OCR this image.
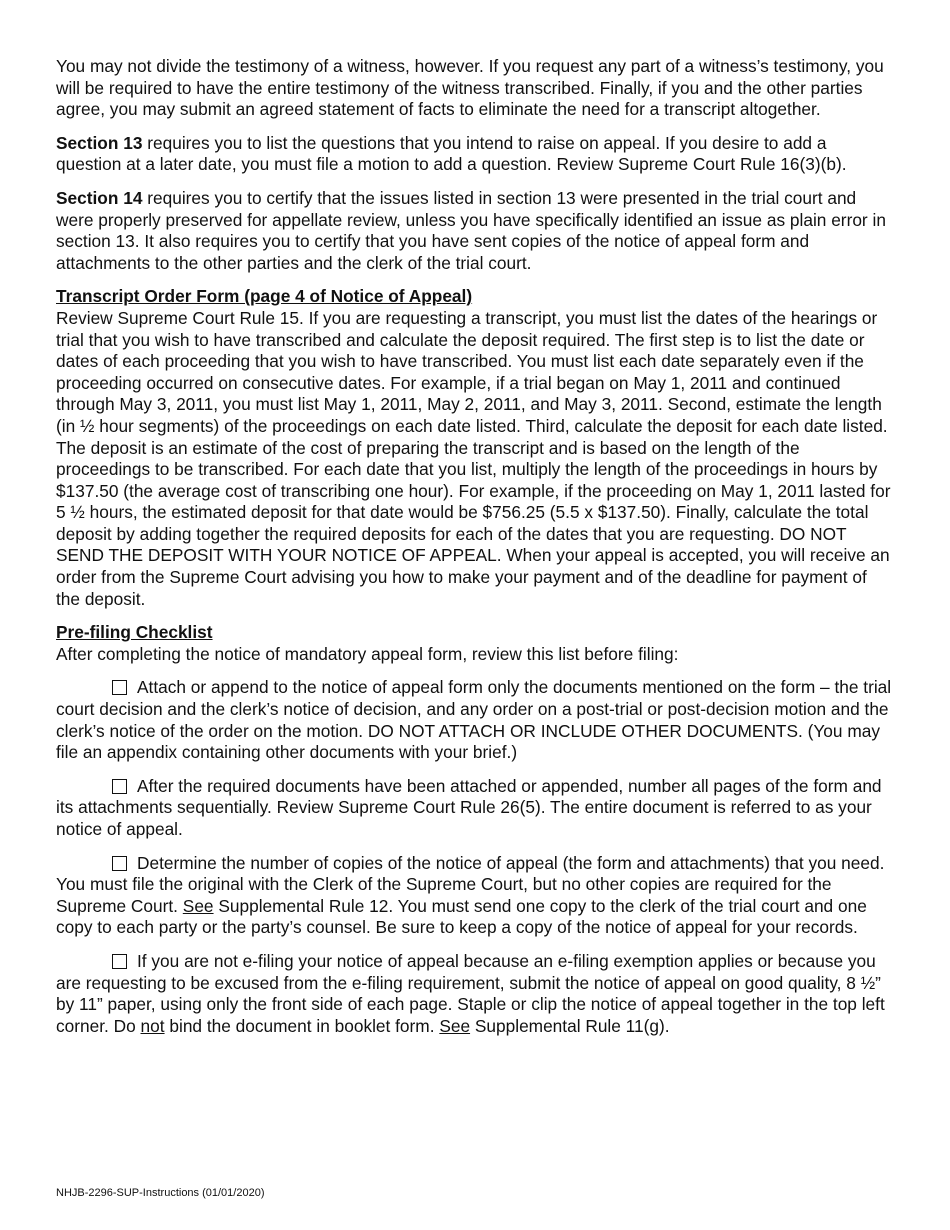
You may not divide the testimony of a witness, however. If you request any part of a witness’s testimony, you will be required to have the entire testimony of the witness transcribed. Finally, if you and the other parties agree, you may submit an agreed statement of facts to eliminate the need for a transcript altogether.

Section 13 requires you to list the questions that you intend to raise on appeal. If you desire to add a question at a later date, you must file a motion to add a question. Review Supreme Court Rule 16(3)(b).

Section 14 requires you to certify that the issues listed in section 13 were presented in the trial court and were properly preserved for appellate review, unless you have specifically identified an issue as plain error in section 13. It also requires you to certify that you have sent copies of the notice of appeal form and attachments to the other parties and the clerk of the trial court.

Transcript Order Form (page 4 of Notice of Appeal)

Review Supreme Court Rule 15. If you are requesting a transcript, you must list the dates of the hearings or trial that you wish to have transcribed and calculate the deposit required. The first step is to list the date or dates of each proceeding that you wish to have transcribed. You must list each date separately even if the proceeding occurred on consecutive dates. For example, if a trial began on May 1, 2011 and continued through May 3, 2011, you must list May 1, 2011, May 2, 2011, and May 3, 2011. Second, estimate the length (in ½ hour segments) of the proceedings on each date listed. Third, calculate the deposit for each date listed. The deposit is an estimate of the cost of preparing the transcript and is based on the length of the proceedings to be transcribed. For each date that you list, multiply the length of the proceedings in hours by $137.50 (the average cost of transcribing one hour). For example, if the proceeding on May 1, 2011 lasted for 5 ½ hours, the estimated deposit for that date would be $756.25 (5.5 x $137.50). Finally, calculate the total deposit by adding together the required deposits for each of the dates that you are requesting. DO NOT SEND THE DEPOSIT WITH YOUR NOTICE OF APPEAL. When your appeal is accepted, you will receive an order from the Supreme Court advising you how to make your payment and of the deadline for payment of the deposit.

Pre-filing Checklist

After completing the notice of mandatory appeal form, review this list before filing:

Attach or append to the notice of appeal form only the documents mentioned on the form – the trial court decision and the clerk’s notice of decision, and any order on a post-trial or post-decision motion and the clerk’s notice of the order on the motion. DO NOT ATTACH OR INCLUDE OTHER DOCUMENTS. (You may file an appendix containing other documents with your brief.)

After the required documents have been attached or appended, number all pages of the form and its attachments sequentially. Review Supreme Court Rule 26(5). The entire document is referred to as your notice of appeal.

Determine the number of copies of the notice of appeal (the form and attachments) that you need. You must file the original with the Clerk of the Supreme Court, but no other copies are required for the Supreme Court. See Supplemental Rule 12. You must send one copy to the clerk of the trial court and one copy to each party or the party’s counsel. Be sure to keep a copy of the notice of appeal for your records.

If you are not e-filing your notice of appeal because an e-filing exemption applies or because you are requesting to be excused from the e-filing requirement, submit the notice of appeal on good quality, 8 ½” by 11” paper, using only the front side of each page. Staple or clip the notice of appeal together in the top left corner. Do not bind the document in booklet form. See Supplemental Rule 11(g).

NHJB-2296-SUP-Instructions (01/01/2020)
